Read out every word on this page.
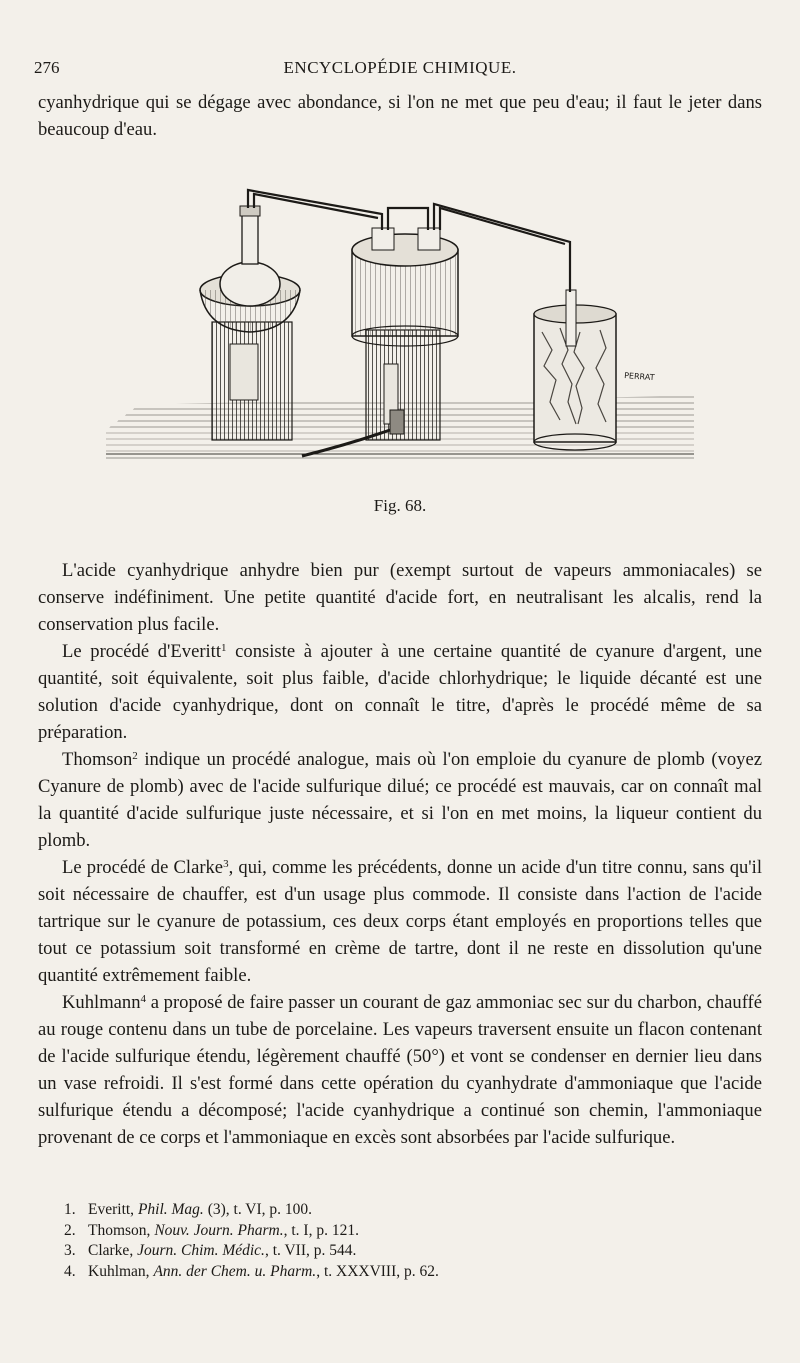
276	ENCYCLOPÉDIE CHIMIQUE.

cyanhydrique qui se dégage avec abondance, si l'on ne met que peu d'eau; il faut le jeter dans beaucoup d'eau.

PERRAT
Fig. 68.

L'acide cyanhydrique anhydre bien pur (exempt surtout de vapeurs ammoniacales) se conserve indéfiniment. Une petite quantité d'acide fort, en neutralisant les alcalis, rend la conservation plus facile.

Le procédé d'Everitt$^1$ consiste à ajouter à une certaine quantité de cyanure d'argent, une quantité, soit équivalente, soit plus faible, d'acide chlorhydrique; le liquide décanté est une solution d'acide cyanhydrique, dont on connaît le titre, d'après le procédé même de sa préparation.

Thomson$^2$ indique un procédé analogue, mais où l'on emploie du cyanure de plomb (voyez Cyanure de plomb) avec de l'acide sulfurique dilué; ce procédé est mauvais, car on connaît mal la quantité d'acide sulfurique juste nécessaire, et si l'on en met moins, la liqueur contient du plomb.

Le procédé de Clarke$^3$, qui, comme les précédents, donne un acide d'un titre connu, sans qu'il soit nécessaire de chauffer, est d'un usage plus commode. Il consiste dans l'action de l'acide tartrique sur le cyanure de potassium, ces deux corps étant employés en proportions telles que tout ce potassium soit transformé en crème de tartre, dont il ne reste en dissolution qu'une quantité extrêmement faible.

Kuhlmann$^4$ a proposé de faire passer un courant de gaz ammoniac sec sur du charbon, chauffé au rouge contenu dans un tube de porcelaine. Les vapeurs traversent ensuite un flacon contenant de l'acide sulfurique étendu, légèrement chauffé (50°) et vont se condenser en dernier lieu dans un vase refroidi. Il s'est formé dans cette opération du cyanhydrate d'ammoniaque que l'acide sulfurique étendu a décomposé; l'acide cyanhydrique a continué son chemin, l'ammoniaque provenant de ce corps et l'ammoniaque en excès sont absorbées par l'acide sulfurique.

1. Everitt, Phil. Mag. (3), t. VI, p. 100.
2. Thomson, Nouv. Journ. Pharm., t. I, p. 121.
3. Clarke, Journ. Chim. Médic., t. VII, p. 544.
4. Kuhlman, Ann. der Chem. u. Pharm., t. XXXVIII, p. 62.
